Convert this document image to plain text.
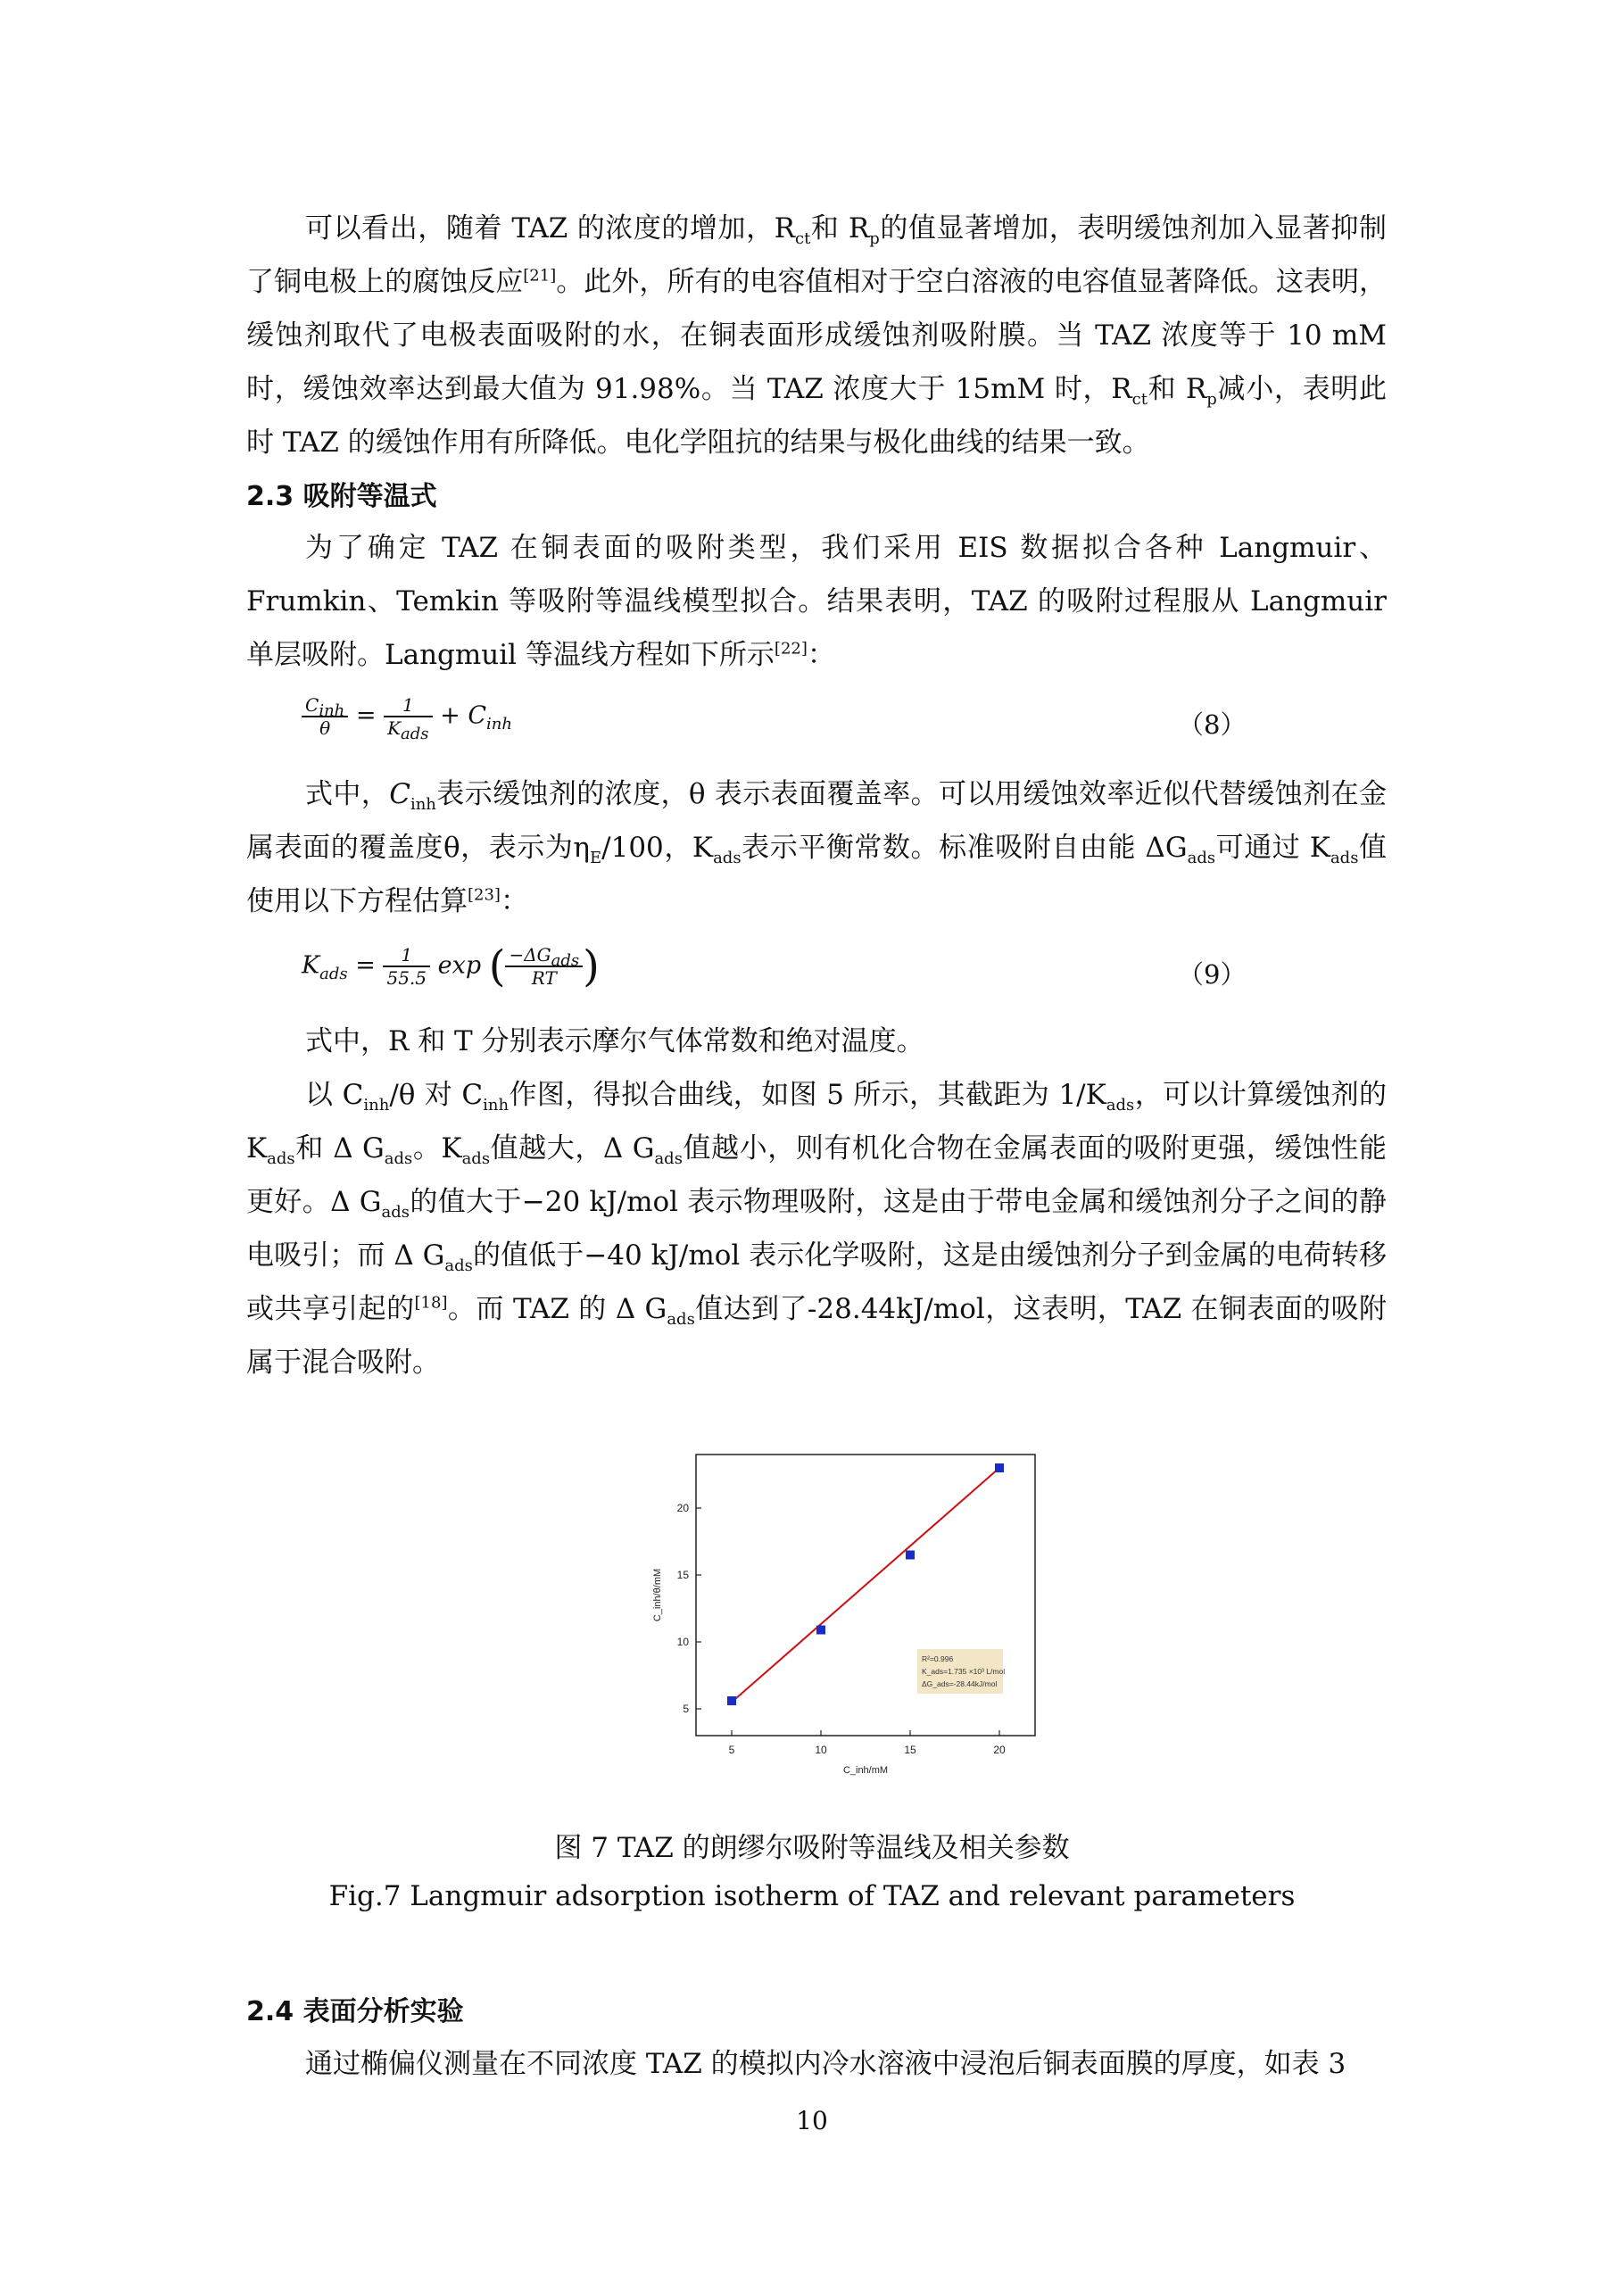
可以看出，随着 TAZ 的浓度的增加，$R_{ct}$和 $R_p$的值显著增加，表明缓蚀剂加入显著抑制了铜电极上的腐蚀反应[21]。此外，所有的电容值相对于空白溶液的电容值显著降低。这表明，缓蚀剂取代了电极表面吸附的水，在铜表面形成缓蚀剂吸附膜。当 TAZ 浓度等于 10 mM 时，缓蚀效率达到最大值为 91.98%。当 TAZ 浓度大于 15mM 时，$R_{ct}$和 $R_p$减小，表明此时 TAZ 的缓蚀作用有所降低。电化学阻抗的结果与极化曲线的结果一致。

2.3 吸附等温式

为了确定 TAZ 在铜表面的吸附类型，我们采用 EIS 数据拟合各种 Langmuir、Frumkin、Temkin 等吸附等温线模型拟合。结果表明，TAZ 的吸附过程服从 Langmuir 单层吸附。Langmuil 等温线方程如下所示[22]：

$\frac{C_{inh}}{\theta} = \frac{1}{K_{ads}} + C_{inh}$	（8）

式中，$C_{inh}$表示缓蚀剂的浓度，θ 表示表面覆盖率。可以用缓蚀效率近似代替缓蚀剂在金属表面的覆盖度θ，表示为$\eta_E/100$，$K_{ads}$表示平衡常数。标准吸附自由能 $\Delta G_{ads}$可通过 $K_{ads}$值使用以下方程估算[23]：

$K_{ads} = \frac{1}{55.5}$ exp ( $\frac{-\Delta G_{ads}}{RT}$ )	（9）

式中，R 和 T 分别表示摩尔气体常数和绝对温度。

以 $C_{inh}/\theta$ 对 $C_{inh}$作图，得拟合曲线，如图 5 所示，其截距为 $1/K_{ads}$，可以计算缓蚀剂的 $K_{ads}$和 Δ $G_{ads}$。$K_{ads}$值越大，Δ $G_{ads}$值越小，则有机化合物在金属表面的吸附更强，缓蚀性能更好。Δ $G_{ads}$的值大于−20 kJ/mol 表示物理吸附，这是由于带电金属和缓蚀剂分子之间的静电吸引；而 Δ $G_{ads}$的值低于−40 kJ/mol 表示化学吸附，这是由缓蚀剂分子到金属的电荷转移或共享引起的[18]。而 TAZ 的 Δ $G_{ads}$值达到了-28.44kJ/mol，这表明，TAZ 在铜表面的吸附属于混合吸附。

5	10	15	20
5
10
15
20
C_inh/mM
C_inh/θ/mM
R²=0.996
K_ads=1.735 ×10³ L/mol
ΔG_ads=-28.44kJ/mol
图 7 TAZ 的朗缪尔吸附等温线及相关参数
Fig.7 Langmuir adsorption isotherm of TAZ and relevant parameters
2.4 表面分析实验

通过椭偏仪测量在不同浓度 TAZ 的模拟内冷水溶液中浸泡后铜表面膜的厚度，如表 3

10
